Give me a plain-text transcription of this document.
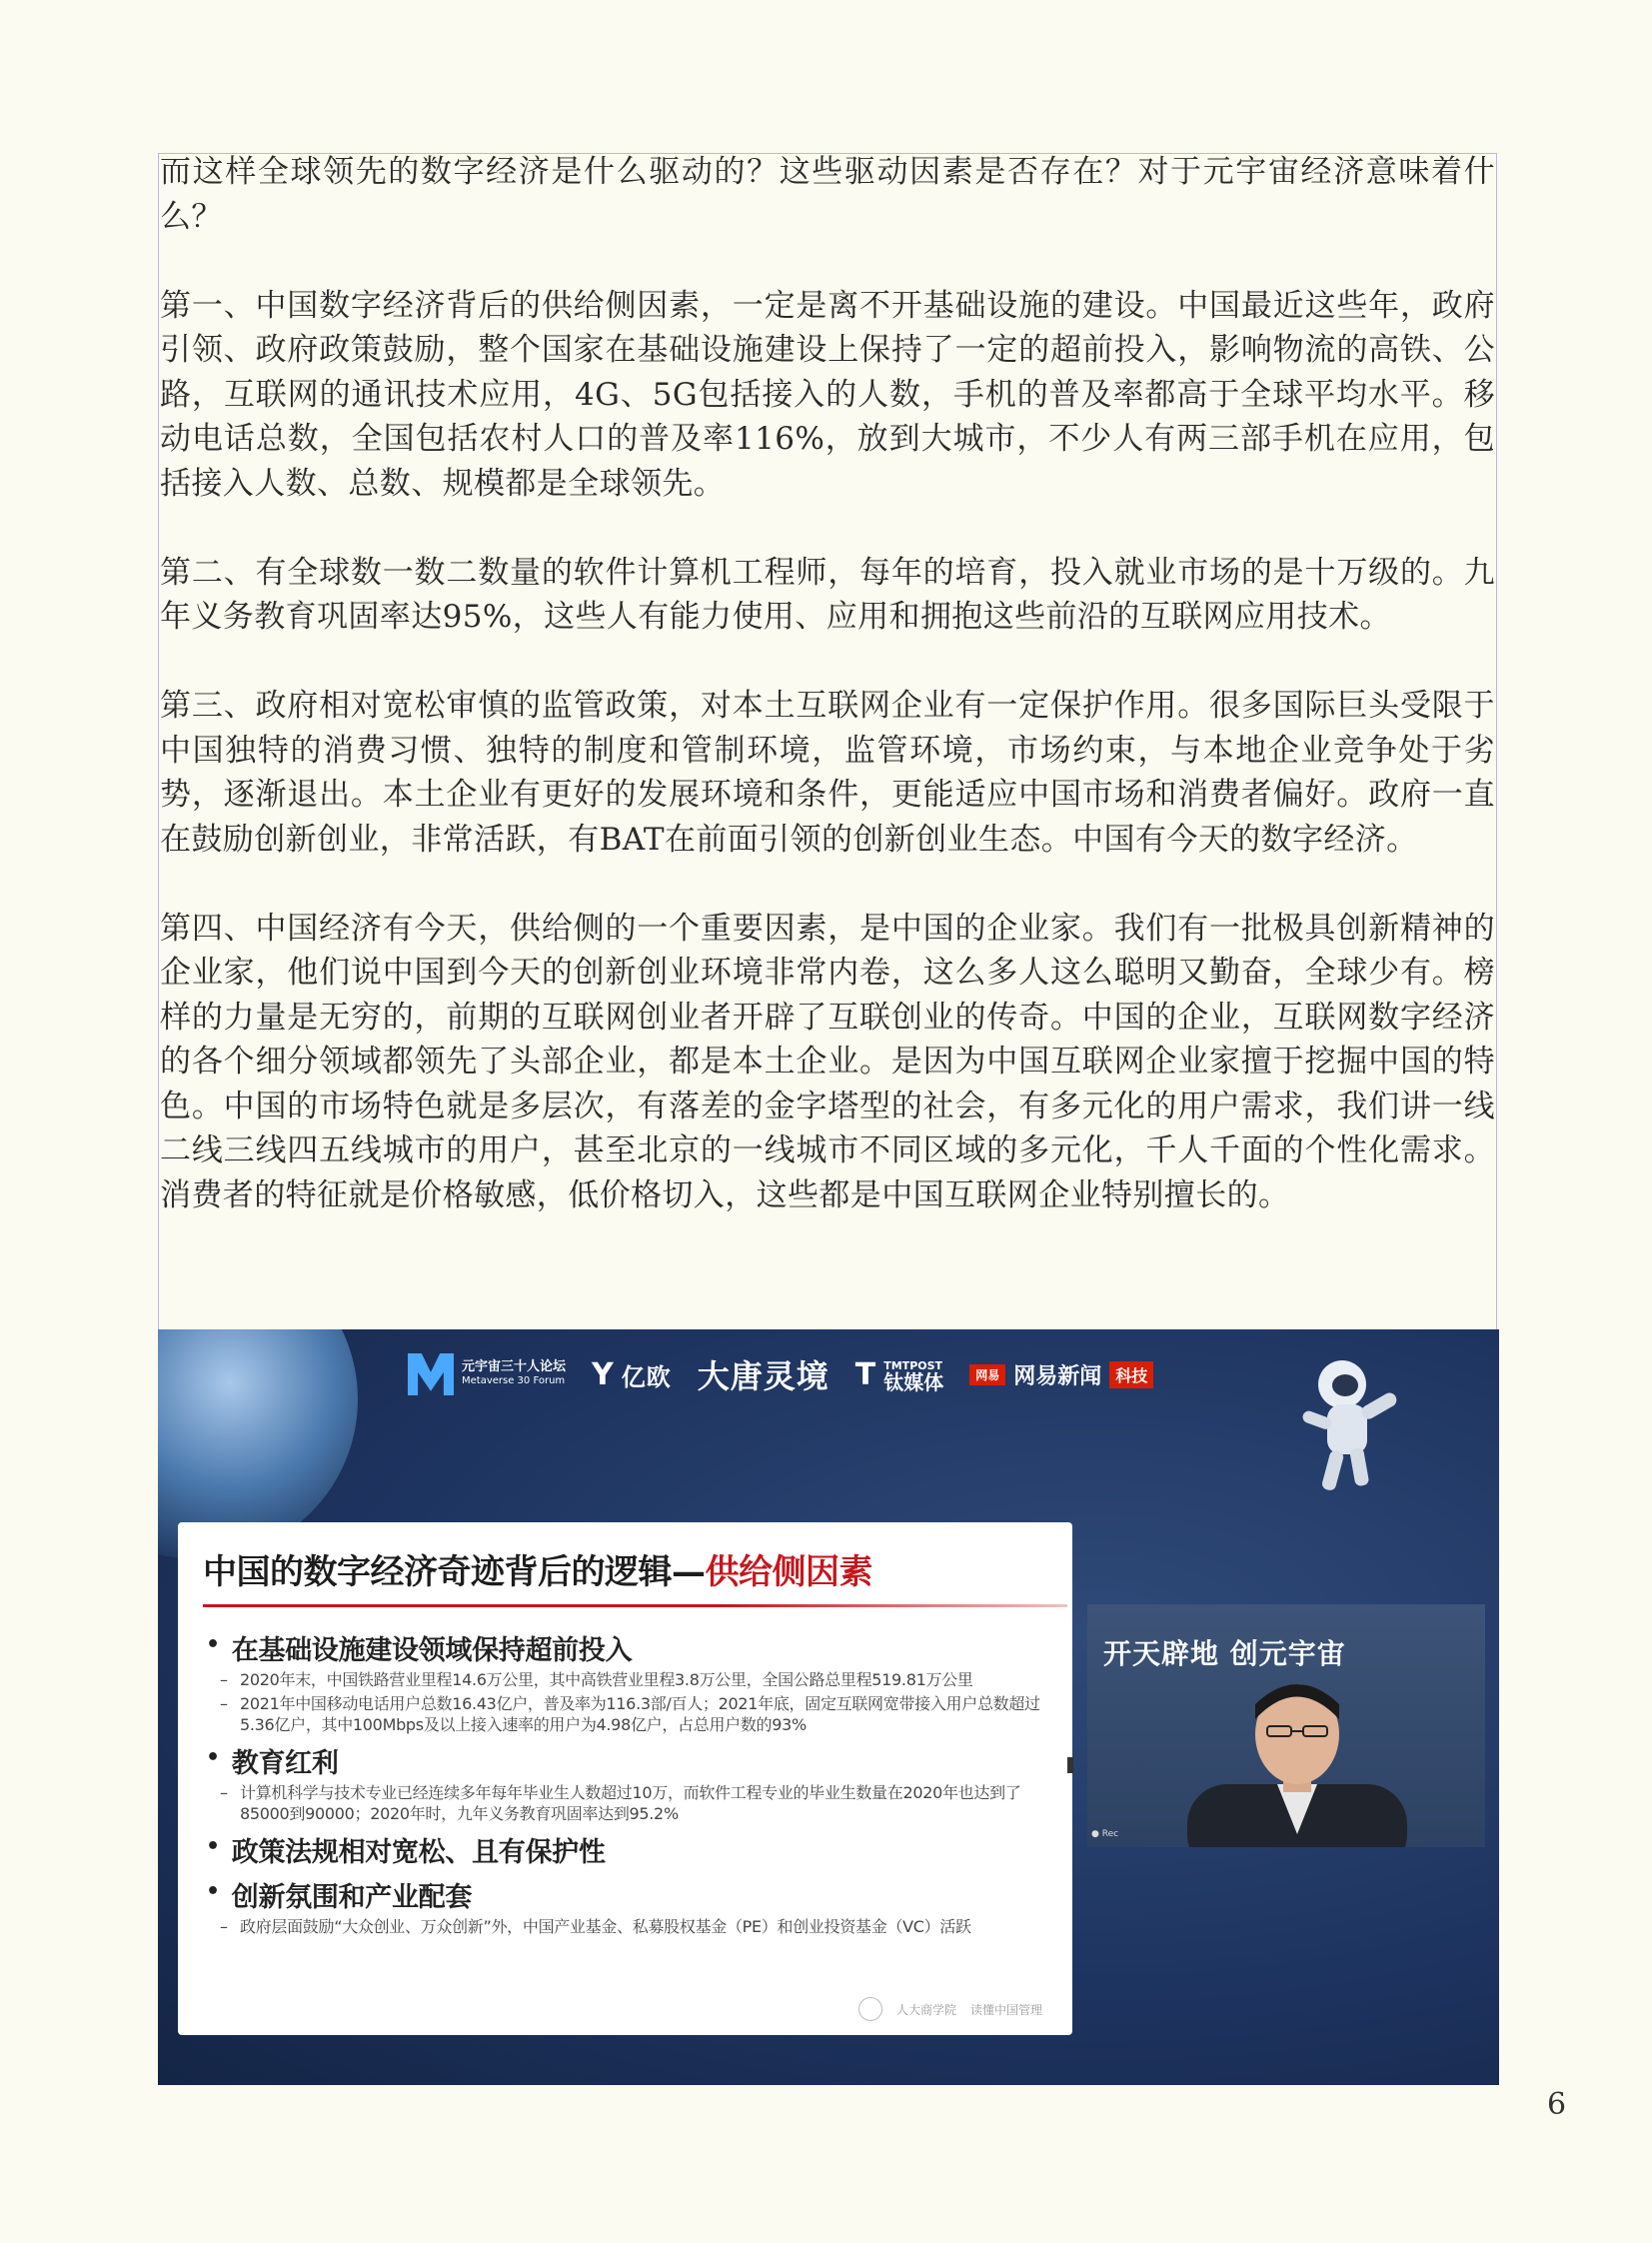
而这样全球领先的数字经济是什么驱动的？这些驱动因素是否存在？对于元宇宙经济意味着什么？

第一、中国数字经济背后的供给侧因素，一定是离不开基础设施的建设。中国最近这些年，政府引领、政府政策鼓励，整个国家在基础设施建设上保持了一定的超前投入，影响物流的高铁、公路，互联网的通讯技术应用，4G、5G包括接入的人数，手机的普及率都高于全球平均水平。移动电话总数，全国包括农村人口的普及率116%，放到大城市，不少人有两三部手机在应用，包括接入人数、总数、规模都是全球领先。

第二、有全球数一数二数量的软件计算机工程师，每年的培育，投入就业市场的是十万级的。九年义务教育巩固率达95%，这些人有能力使用、应用和拥抱这些前沿的互联网应用技术。

第三、政府相对宽松审慎的监管政策，对本土互联网企业有一定保护作用。很多国际巨头受限于中国独特的消费习惯、独特的制度和管制环境，监管环境，市场约束，与本地企业竞争处于劣势，逐渐退出。本土企业有更好的发展环境和条件，更能适应中国市场和消费者偏好。政府一直在鼓励创新创业，非常活跃，有BAT在前面引领的创新创业生态。中国有今天的数字经济。

第四、中国经济有今天，供给侧的一个重要因素，是中国的企业家。我们有一批极具创新精神的企业家，他们说中国到今天的创新创业环境非常内卷，这么多人这么聪明又勤奋，全球少有。榜样的力量是无穷的，前期的互联网创业者开辟了互联创业的传奇。中国的企业，互联网数字经济的各个细分领域都领先了头部企业，都是本土企业。是因为中国互联网企业家擅于挖掘中国的特色。中国的市场特色就是多层次，有落差的金字塔型的社会，有多元化的用户需求，我们讲一线二线三线四五线城市的用户，甚至北京的一线城市不同区域的多元化，千人千面的个性化需求。消费者的特征就是价格敏感，低价格切入，这些都是中国互联网企业特别擅长的。

元宇宙三十人论坛
Metaverse 30 Forum Y 亿欧 大唐灵境 T TMTPOST
钛媒体	网易 网易新闻 科技
中国的数字经济奇迹背后的逻辑—供给侧因素
• 在基础设施建设领域保持超前投入
– 2020年末，中国铁路营业里程14.6万公里，其中高铁营业里程3.8万公里，全国公路总里程519.81万公里
– 2021年中国移动电话用户总数16.43亿户，普及率为116.3部/百人；2021年底，固定互联网宽带接入用户总数超过5.36亿户，其中100Mbps及以上接入速率的用户为4.98亿户，占总用户数的93%
• 教育红利
– 计算机科学与技术专业已经连续多年每年毕业生人数超过10万，而软件工程专业的毕业生数量在2020年也达到了85000到90000；2020年时，九年义务教育巩固率达到95.2%
• 政策法规相对宽松、且有保护性
• 创新氛围和产业配套
– 政府层面鼓励“大众创业、万众创新”外，中国产业基金、私募股权基金（PE）和创业投资基金（VC）活跃
人大商学院 读懂中国管理
开天辟地 创元宇宙
● Rec
6
